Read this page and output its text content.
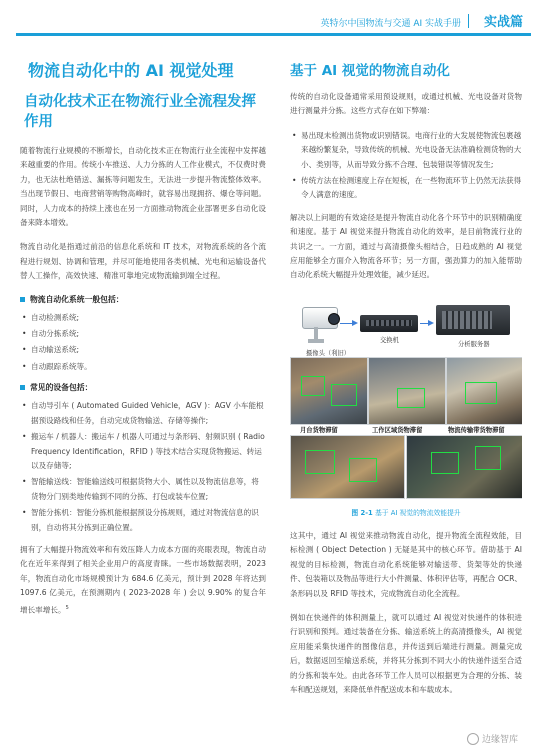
英特尔中国物流与交通 AI 实战手册 实战篇
物流自动化中的 AI 视觉处理
自动化技术正在物流行业全流程发挥作用

随着物流行业规模的不断增长，自动化技术正在物流行业全流程中发挥越来越重要的作用。传统小车推送、人力分拣的人工作业模式，不仅费时费力，也无法杜绝错送、漏拣等问题发生，无法进一步提升物流整体效率。当出现节假日、电商营销等购物高峰时，就容易出现拥挤、爆仓等问题。同时，人力成本的持续上涨也在另一方面推动物流企业部署更多自动化设备来降本增效。

物流自动化是指通过前沿的信息化系统和 IT 技术，对物流系统的各个流程进行规划、协调和管理，并尽可能地使用各类机械、光电和运输设备代替人工操作，高效快速、精准可靠地完成物流输到端全过程。

物流自动化系统一般包括：
• 自动检测系统;
• 自动分拣系统;
• 自动输送系统;
• 自动跟踪系统等。
常见的设备包括：
• 自动导引车 ( Automated Guided Vehicle，AGV )：AGV 小车能根据预设路线和任务，自动完成货物输送、存储等操作;
• 搬运车 / 机器人：搬运车 / 机器人可通过与条形码、射频识别 ( Radio Frequency Identification，RFID ) 等技术结合实现货物搬运、转运以及存储等;
• 智能输送线：智能输送线可根据货物大小、属性以及物流信息等，将货物分门别类地传输到不同的分拣、打包或装车位置;
• 智能分拣机：智能分拣机能根据预设分拣规则，通过对物流信息的识别，自动将其分拣到正确位置。

拥有了大幅提升物流效率和有效压降人力成本方面的亮眼表现，物流自动化在近年来得到了相关企业用户的高度青睐。一些市场数据表明，2023 年，物流自动化市场规模预计为 684.6 亿美元，预计到 2028 年将达到 1097.6 亿美元，在预测期内 ( 2023-2028 年 ) 会以 9.90% 的复合年增长率增长。$^5$

基于 AI 视觉的物流自动化

传统的自动化设备通常采用预设规则，或通过机械、光电设备对货物进行测量并分拣。这些方式存在如下弊端：

• 易出现未检测出货物或识别错误。电商行业的大发展使物流包裹越来越纷繁复杂，导致传统的机械、光电设备无法准确检测货物的大小、类别等，从而导致分拣不合理、包装错误等情况发生;
• 传统方法在检测速度上存在短板，在一些物流环节上仍然无法获得令人满意的速度。

解决以上问题的有效途径是提升物流自动化各个环节中的识别精确度和速度。基于 AI 视觉来提升物流自动化的效率，是目前物流行业的共识之一。一方面，通过与高清摄像头相结合，日趋成熟的 AI 视觉应用能够全方面介入物流各环节；另一方面，强劲算力的加入能帮助自动化系统大幅提升处理效能，减少延迟。

交换机
分析服务器
摄像头（利旧）
月台货物滞留	工作区域货物滞留	物流传输带货物滞留
图 2-1 基于 AI 视觉的物流效能提升

这其中，通过 AI 视觉来推动物流自动化，提升物流全流程效能，目标检测 ( Object Detection ) 无疑是其中的核心环节。借助基于 AI 视觉的目标检测，物流自动化系统能够对输送带、货架等处的快递件、包装箱以及物品等进行大小件测量、体积评估等，再配合 OCR、条形码以及 RFID 等技术，完成物流自动化全流程。

例如在快递件的体积测量上，就可以通过 AI 视觉对快递件的体积进行识别和预判。通过装备在分拣、输送系统上的高清摄像头，AI 视觉应用能采集快递件的图像信息，并传送到后端进行测量。测量完成后，数据返回至输送系统，并将其分拣到不同大小的快递件送至合适的分拣和装车处。由此各环节工作人员可以根据更为合理的分拣、装车和配送规划，来降低单件配送成本和车载成本。

边缘智库
